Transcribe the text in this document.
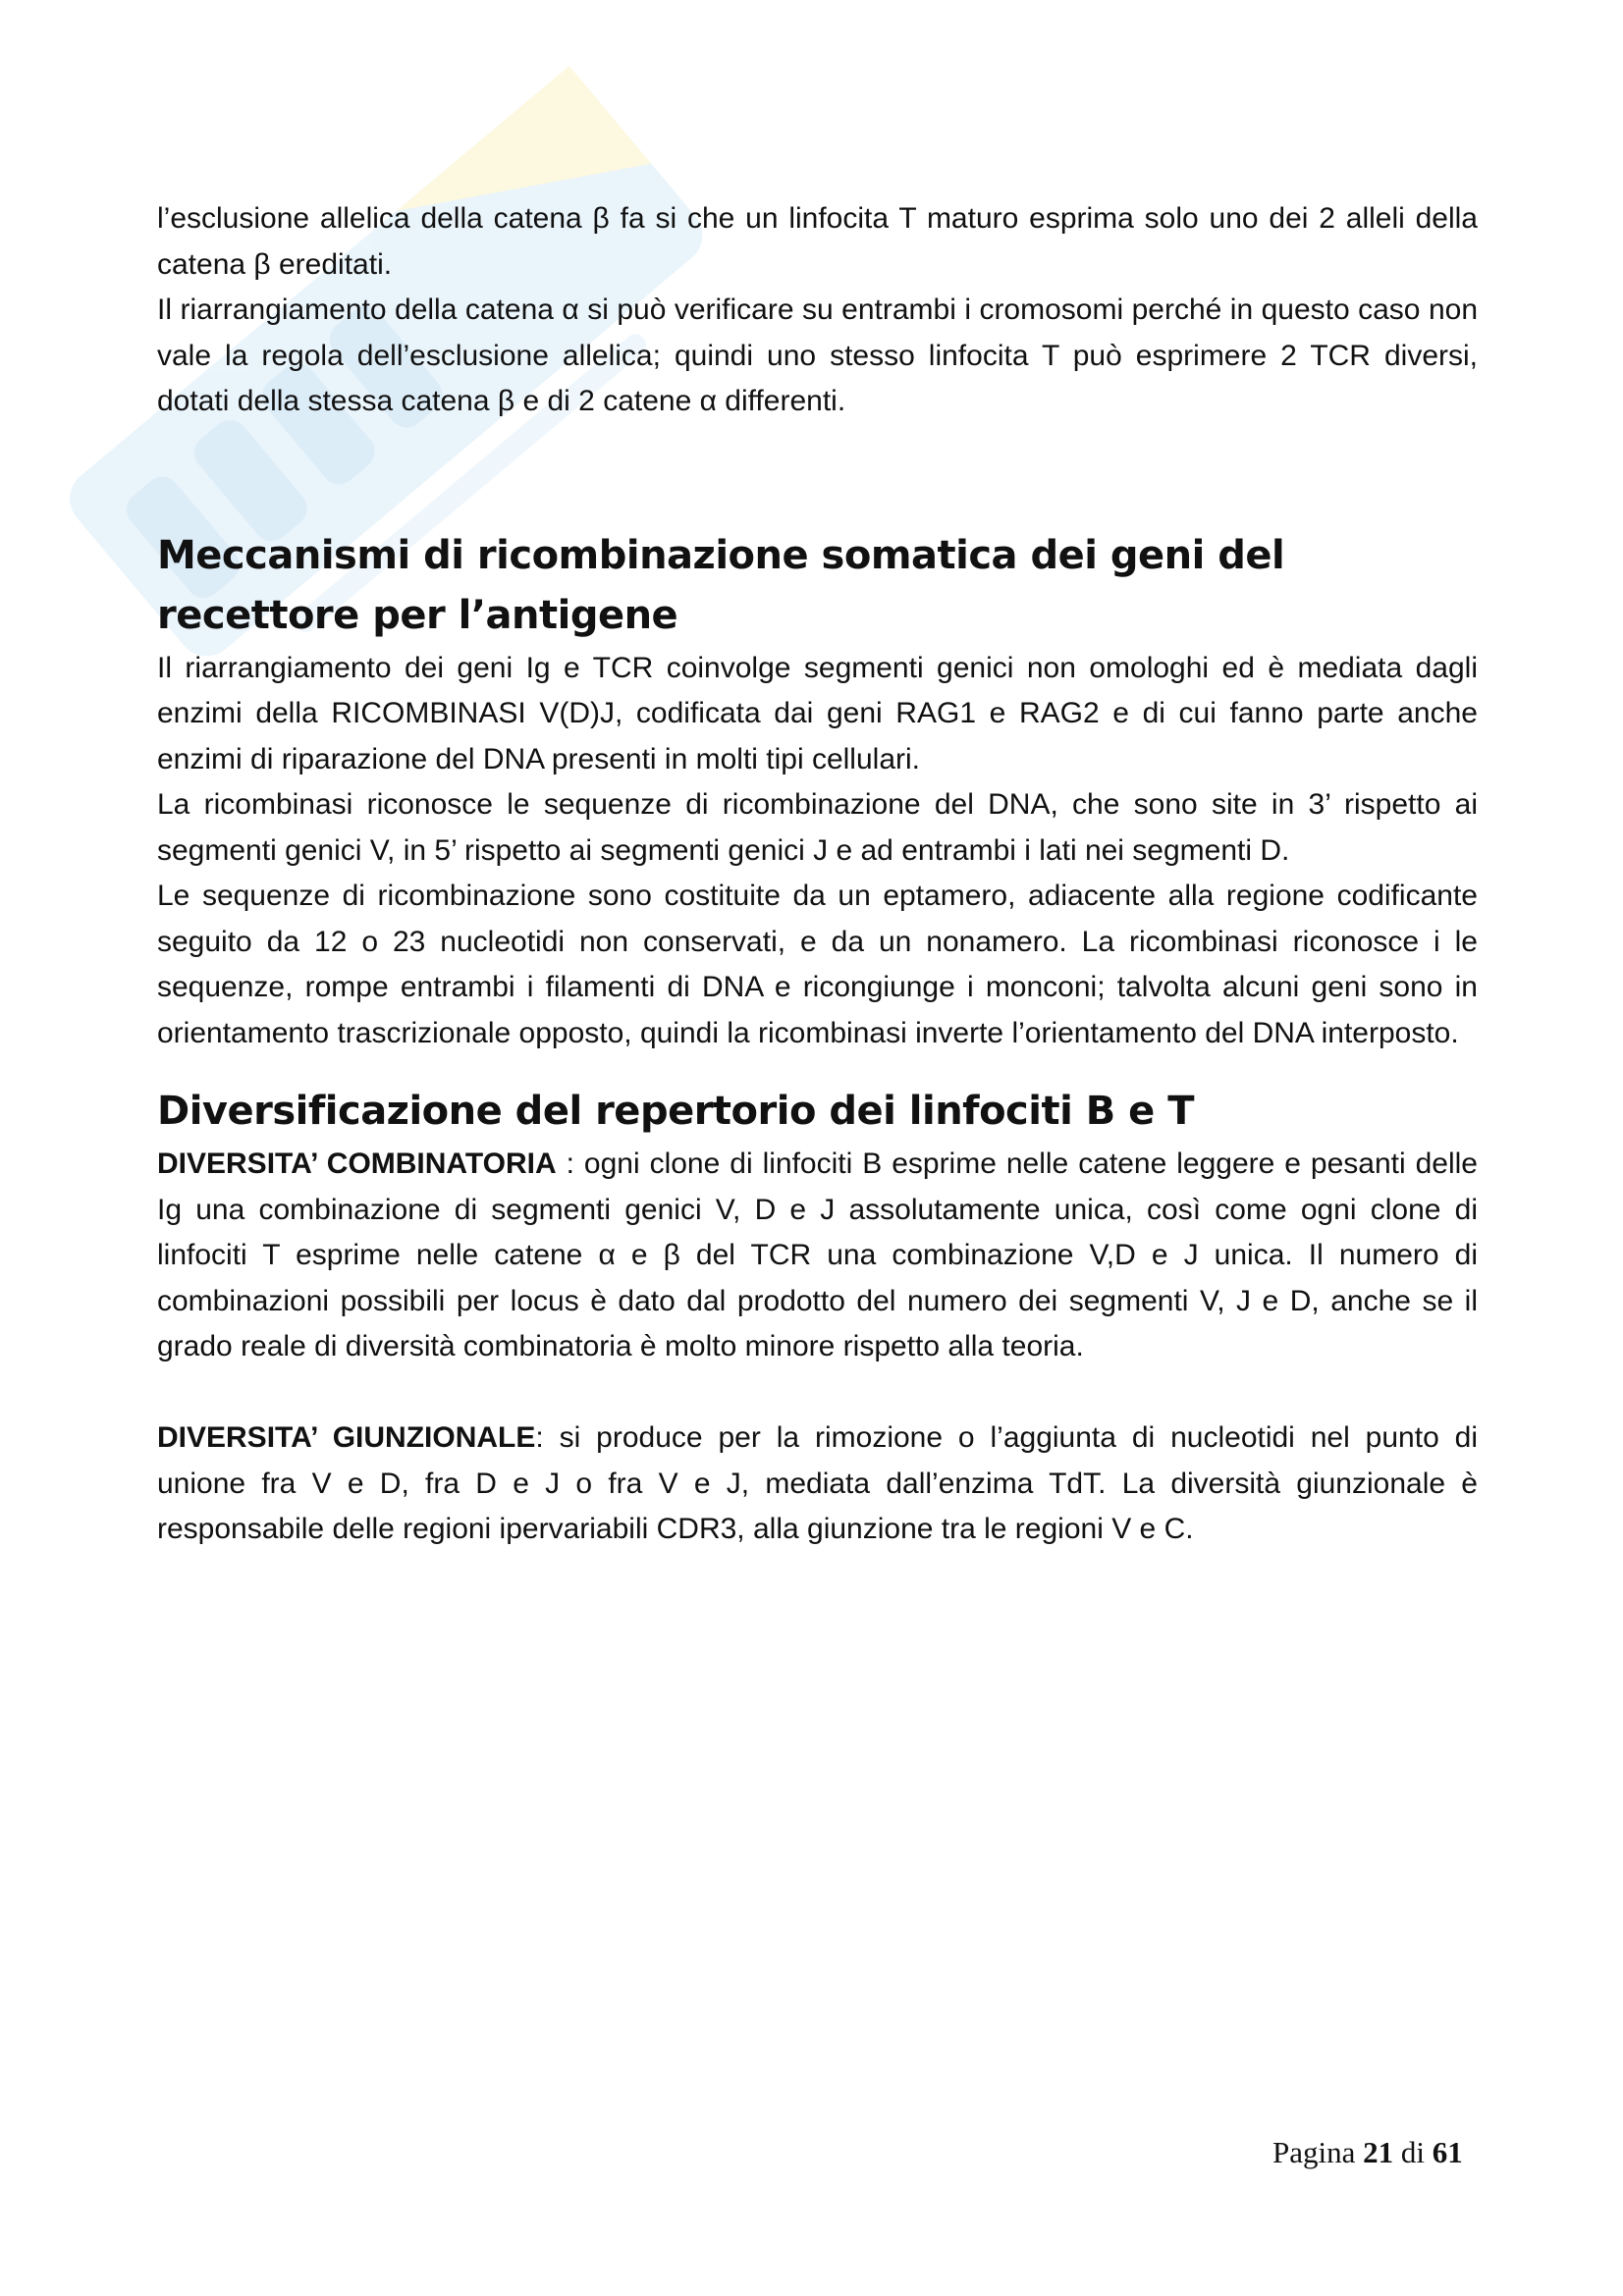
l’esclusione allelica della catena β fa si che un linfocita T maturo esprima solo uno dei 2 alleli della catena β ereditati.

Il riarrangiamento della catena α si può verificare su entrambi i cromosomi perché in questo caso non vale la regola dell’esclusione allelica; quindi uno stesso linfocita T può esprimere 2 TCR diversi, dotati della stessa catena β e di 2 catene α differenti.

Meccanismi di ricombinazione somatica dei geni del recettore per l’antigene

Il riarrangiamento dei geni Ig e TCR coinvolge segmenti genici non omologhi ed è mediata dagli enzimi della RICOMBINASI V(D)J, codificata dai geni RAG1 e RAG2 e di cui fanno parte anche enzimi di riparazione del DNA presenti in molti tipi cellulari.

La ricombinasi riconosce le sequenze di ricombinazione del DNA, che sono site in 3’ rispetto ai segmenti genici V, in 5’ rispetto ai segmenti genici J e ad entrambi i lati nei segmenti D.

Le sequenze di ricombinazione sono costituite da un eptamero, adiacente alla regione codificante seguito da 12 o 23 nucleotidi non conservati, e da un nonamero. La ricombinasi riconosce i le sequenze, rompe entrambi i filamenti di DNA e ricongiunge i monconi; talvolta alcuni geni sono in orientamento trascrizionale opposto, quindi la ricombinasi inverte l’orientamento del DNA interposto.

Diversificazione del repertorio dei linfociti B e T

DIVERSITA’ COMBINATORIA : ogni clone di linfociti B esprime nelle catene leggere e pesanti delle Ig una combinazione di segmenti genici V, D e J assolutamente unica, così come ogni clone di linfociti T esprime nelle catene α e β del TCR una combinazione V,D e J unica. Il numero di combinazioni possibili per locus è dato dal prodotto del numero dei segmenti V, J e D, anche se il grado reale di diversità combinatoria è molto minore rispetto alla teoria.

DIVERSITA’ GIUNZIONALE: si produce per la rimozione o l’aggiunta di nucleotidi nel punto di unione fra V e D, fra D e J o fra V e J, mediata dall’enzima TdT. La diversità giunzionale è responsabile delle regioni ipervariabili CDR3, alla giunzione tra le regioni V e C.

Pagina 21 di 61
